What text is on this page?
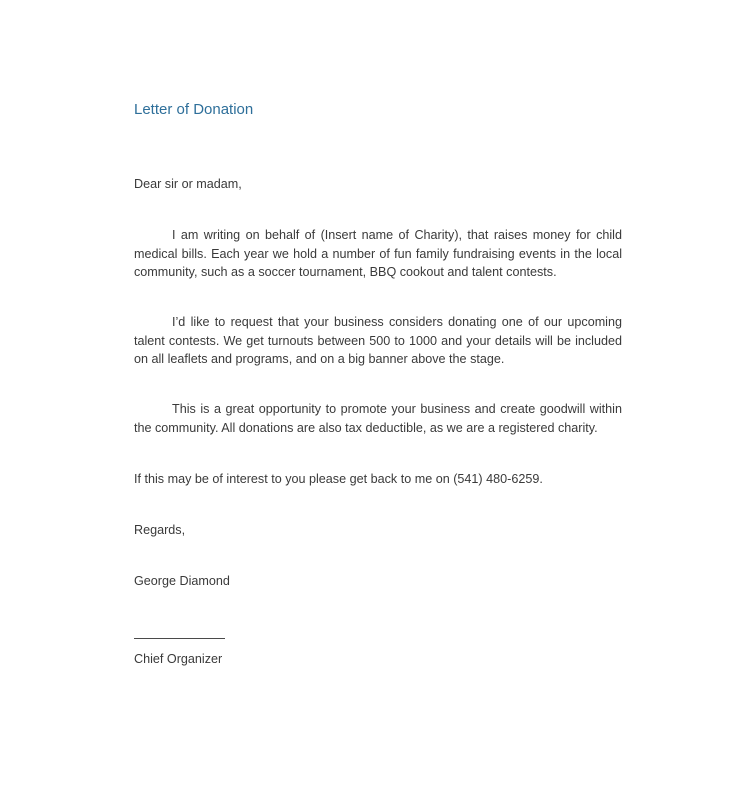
Letter of Donation
Dear sir or madam,
I am writing on behalf of (Insert name of Charity), that raises money for child medical bills. Each year we hold a number of fun family fundraising events in the local community, such as a soccer tournament, BBQ cookout and talent contests.
I’d like to request that your business considers donating one of our upcoming talent contests. We get turnouts between 500 to 1000 and your details will be included on all leaflets and programs, and on a big banner above the stage.
This is a great opportunity to promote your business and create goodwill within the community. All donations are also tax deductible, as we are a registered charity.
If this may be of interest to you please get back to me on (541) 480-6259.
Regards,
George Diamond
Chief Organizer
